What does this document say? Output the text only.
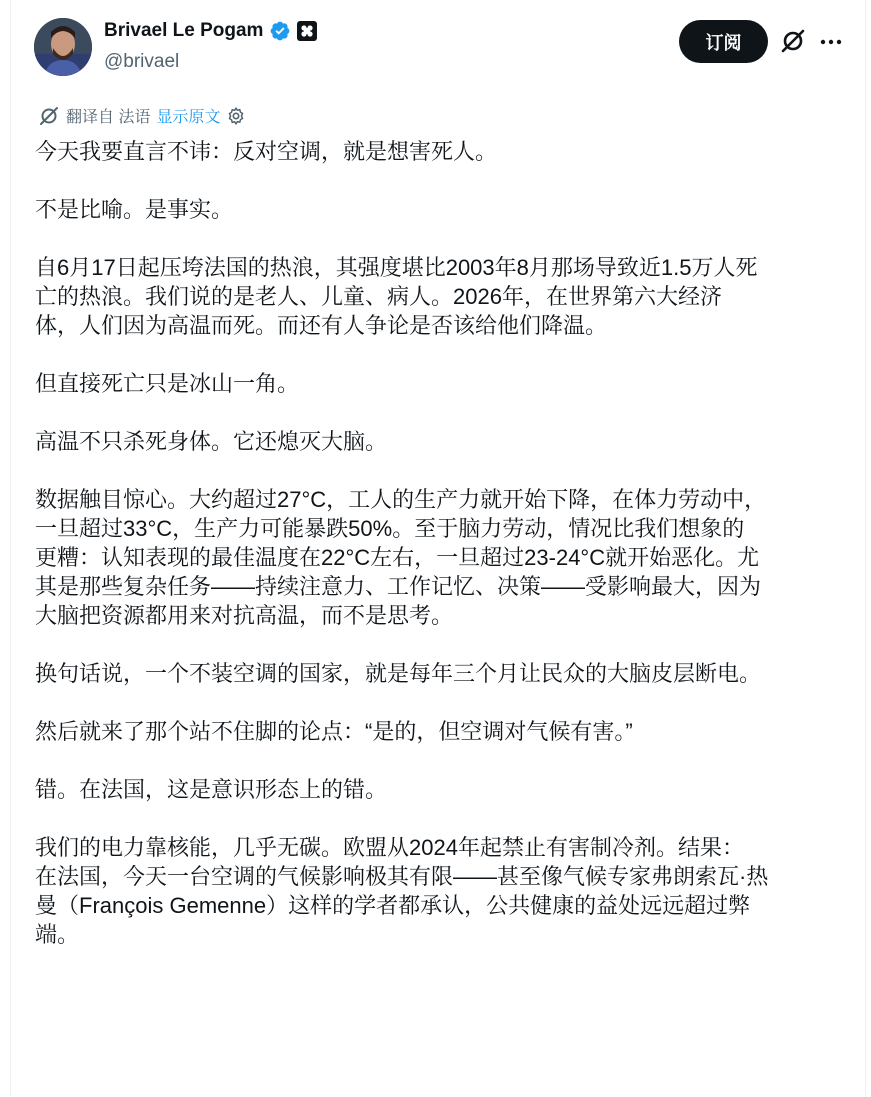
Brivael Le Pogam
@brivael
订阅
翻译自 法语 显示原文

今天我要直言不讳：反对空调，就是想害死人。

不是比喻。是事实。

自6月17日起压垮法国的热浪，其强度堪比2003年8月那场导致近1.5万人死
亡的热浪。我们说的是老人、儿童、病人。2026年，在世界第六大经济
体，人们因为高温而死。而还有人争论是否该给他们降温。

但直接死亡只是冰山一角。

高温不只杀死身体。它还熄灭大脑。

数据触目惊心。大约超过27°C，工人的生产力就开始下降，在体力劳动中，
一旦超过33°C，生产力可能暴跌50%。至于脑力劳动，情况比我们想象的
更糟：认知表现的最佳温度在22°C左右，一旦超过23-24°C就开始恶化。尤
其是那些复杂任务——持续注意力、工作记忆、决策——受影响最大，因为
大脑把资源都用来对抗高温，而不是思考。

换句话说，一个不装空调的国家，就是每年三个月让民众的大脑皮层断电。

然后就来了那个站不住脚的论点：“是的，但空调对气候有害。”

错。在法国，这是意识形态上的错。

我们的电力靠核能，几乎无碳。欧盟从2024年起禁止有害制冷剂。结果：
在法国，今天一台空调的气候影响极其有限——甚至像气候专家弗朗索瓦·热
曼（François Gemenne）这样的学者都承认，公共健康的益处远远超过弊
端。
